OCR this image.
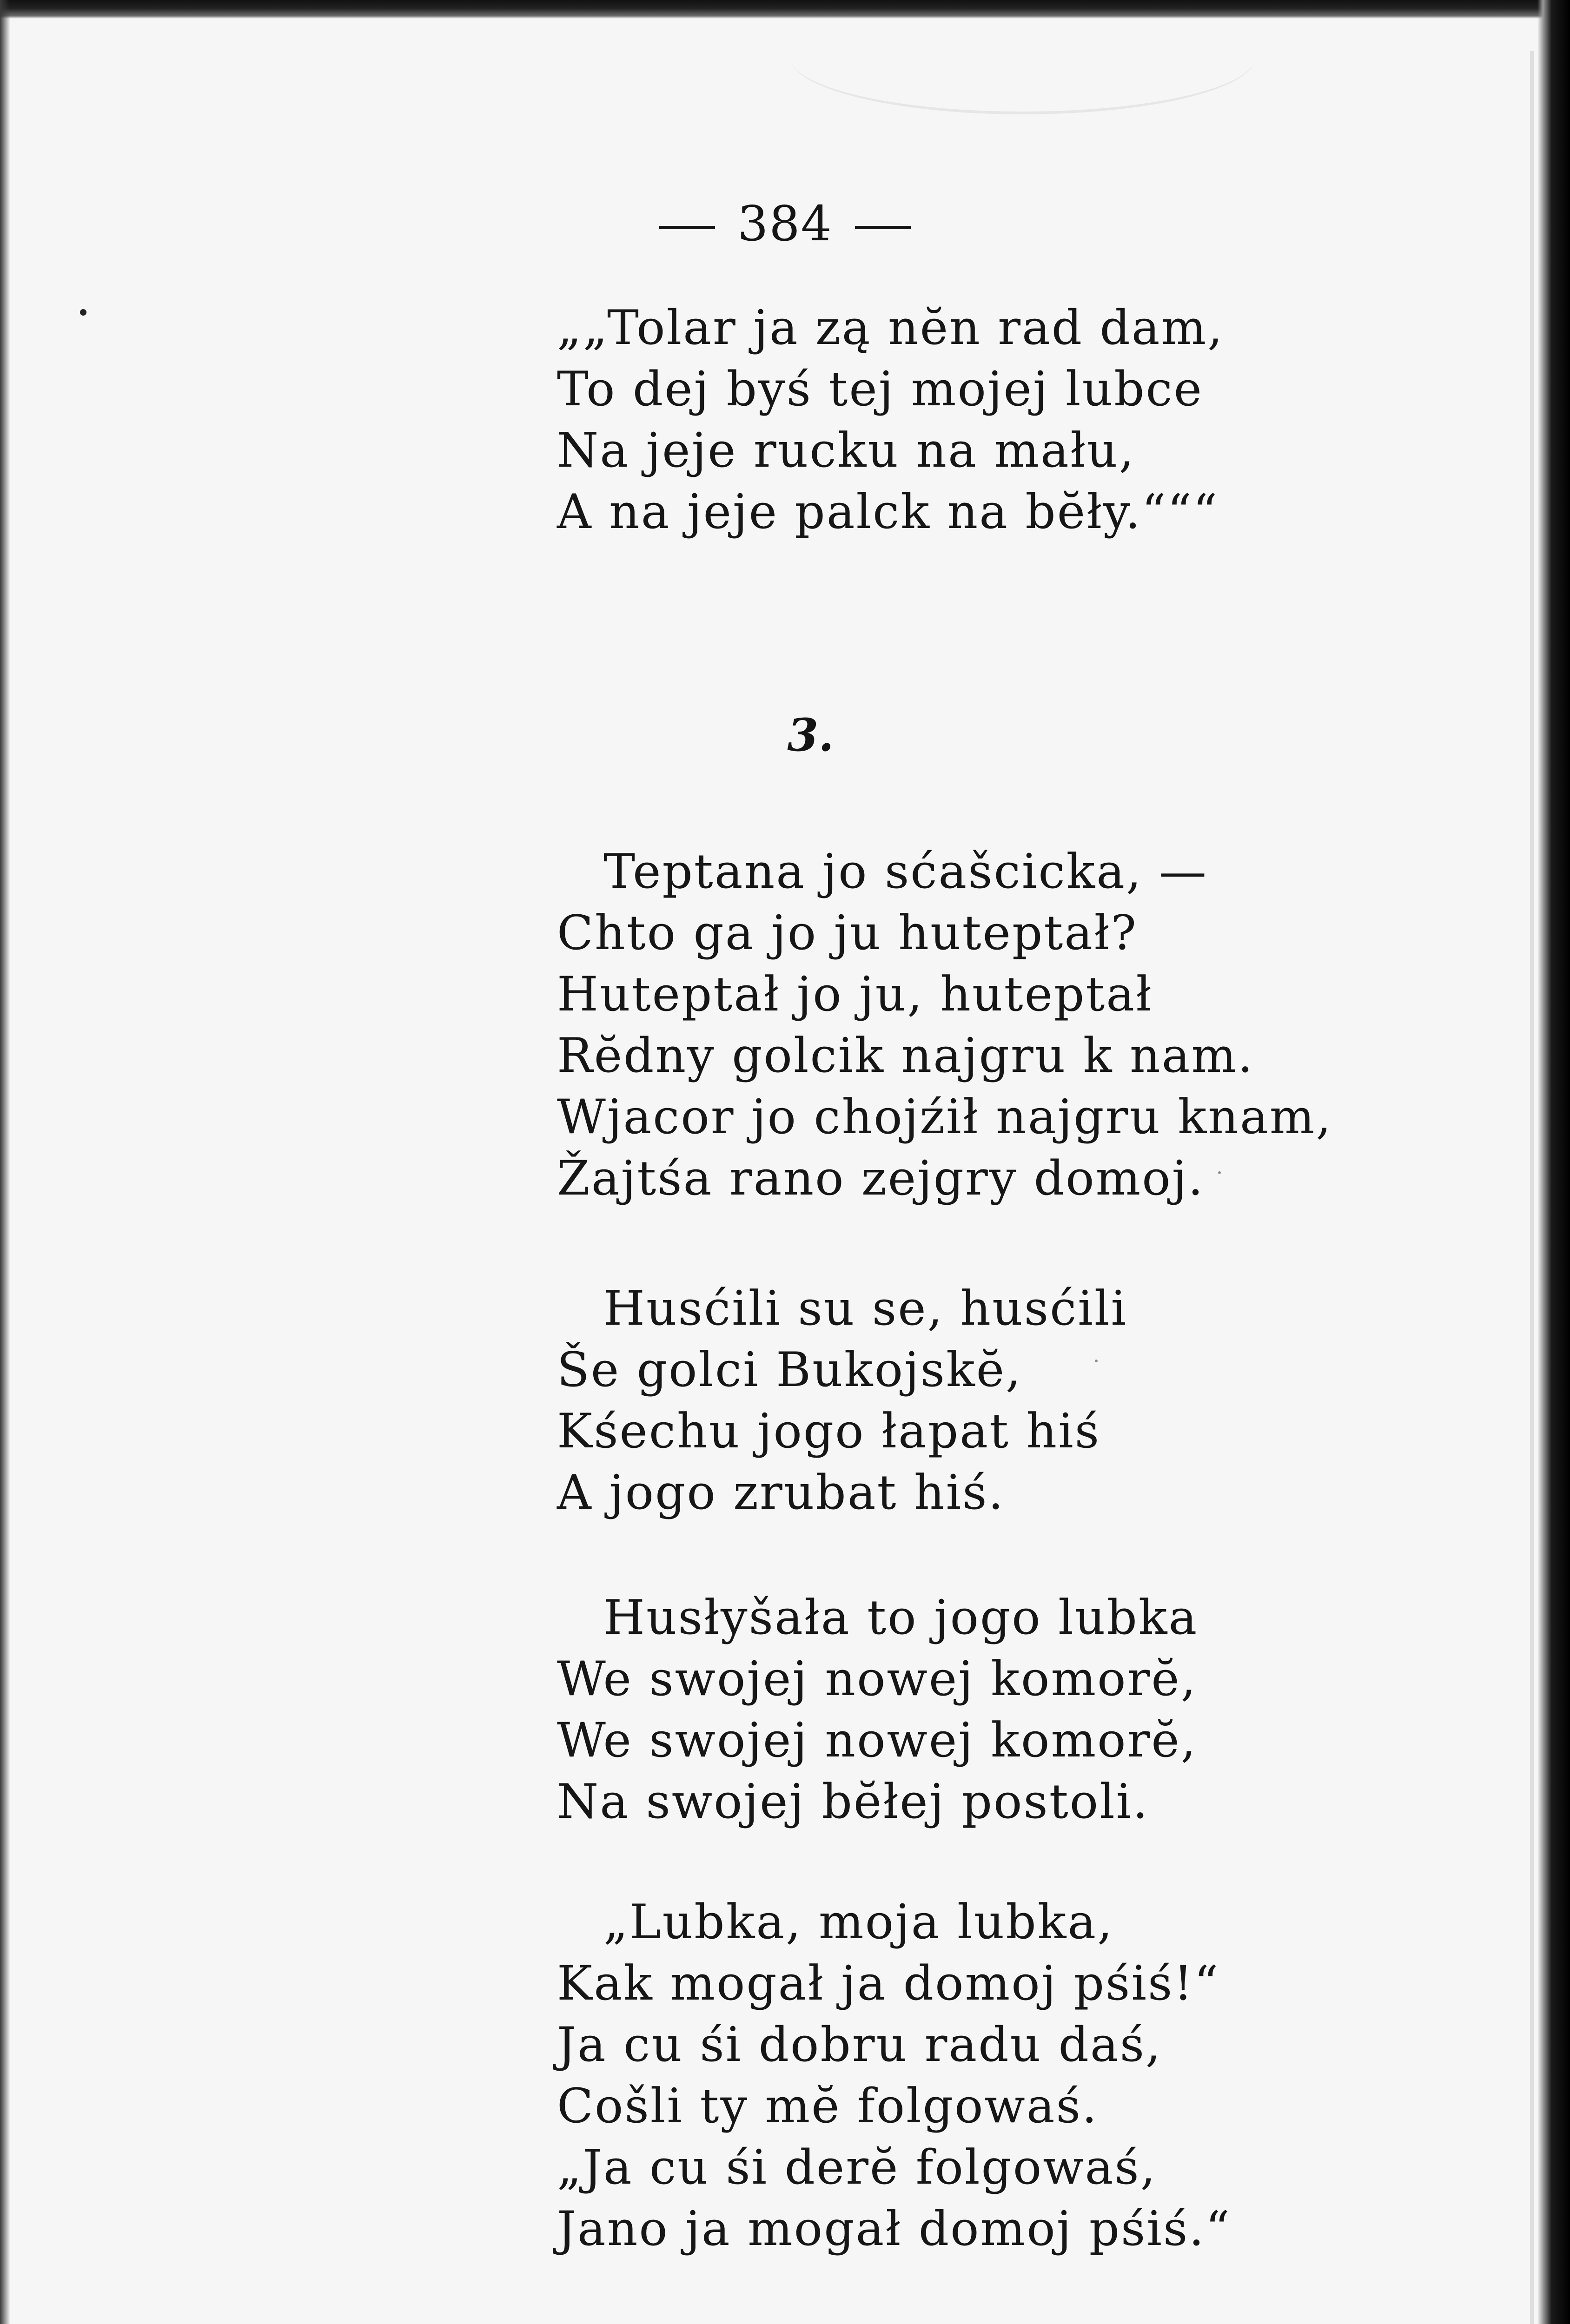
384
„„Tolar ja zą nĕn rad dam,
To dej byś tej mojej lubce
Na jeje rucku na mału,
A na jeje palck na bĕły.“““
3.
Teptana jo sćašcicka, —
Chto ga jo ju huteptał?
Huteptał jo ju, huteptał
Rĕdny golcik najgru k nam.
Wjacor jo chojźił najgru knam,
Žajtśa rano zejgry domoj.
Husćili su se, husćili
Še golci Bukojskĕ,
Kśechu jogo łapat hiś
A jogo zrubat hiś.
Husłyšała to jogo lubka
We swojej nowej komorĕ,
We swojej nowej komorĕ,
Na swojej bĕłej postoli.
„Lubka, moja lubka,
Kak mogał ja domoj pśiś!“
Ja cu śi dobru radu daś,
Cošli ty mĕ folgowaś.
„Ja cu śi derĕ folgowaś,
Jano ja mogał domoj pśiś.“
